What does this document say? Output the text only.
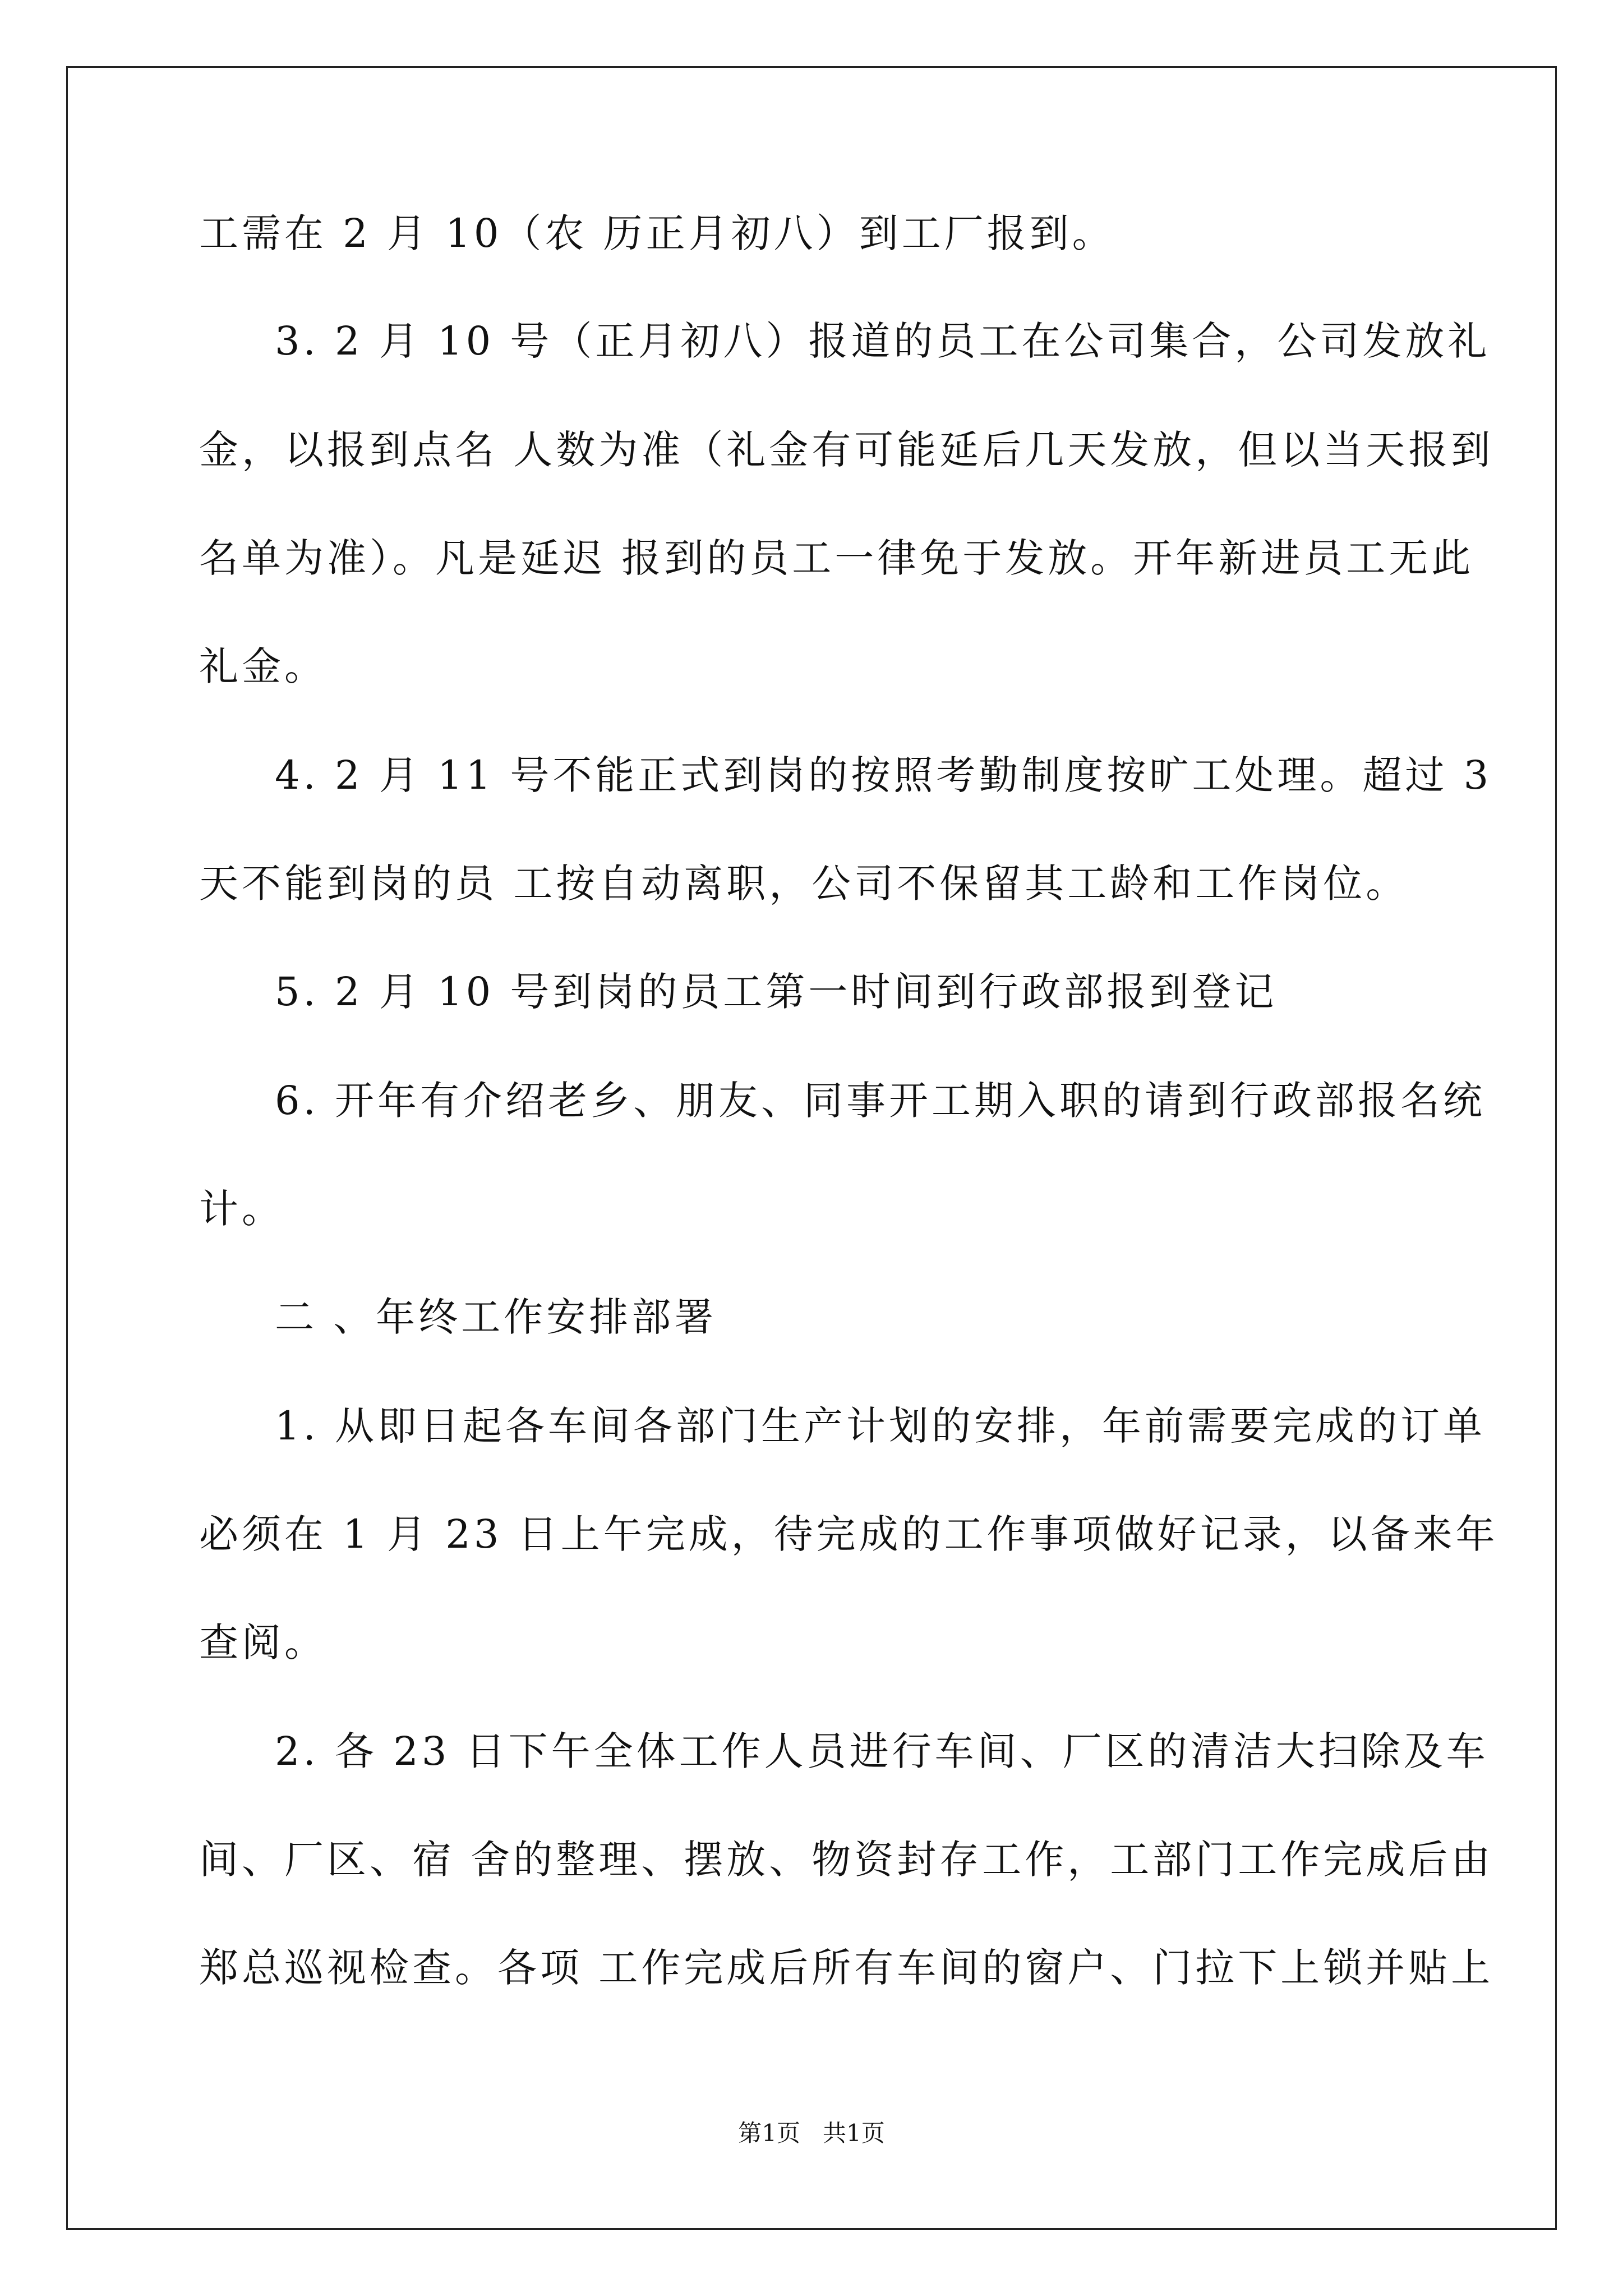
工需在 2 月 10（农 历正月初八）到工厂报到。
3. 2 月 10 号（正月初八）报道的员工在公司集合，公司发放礼
金，以报到点名 人数为准（礼金有可能延后几天发放，但以当天报到
名单为准）。凡是延迟 报到的员工一律免于发放。开年新进员工无此
礼金。
4. 2 月 11 号不能正式到岗的按照考勤制度按旷工处理。超过 3
天不能到岗的员 工按自动离职，公司不保留其工龄和工作岗位。
5. 2 月 10 号到岗的员工第一时间到行政部报到登记
6. 开年有介绍老乡、朋友、同事开工期入职的请到行政部报名统
计。
二 、年终工作安排部署
1. 从即日起各车间各部门生产计划的安排，年前需要完成的订单
必须在 1 月 23 日上午完成，待完成的工作事项做好记录，以备来年
查阅。
2. 各 23 日下午全体工作人员进行车间、厂区的清洁大扫除及车
间、厂区、宿 舍的整理、摆放、物资封存工作，工部门工作完成后由
郑总巡视检查。各项 工作完成后所有车间的窗户、门拉下上锁并贴上
第1页   共1页
